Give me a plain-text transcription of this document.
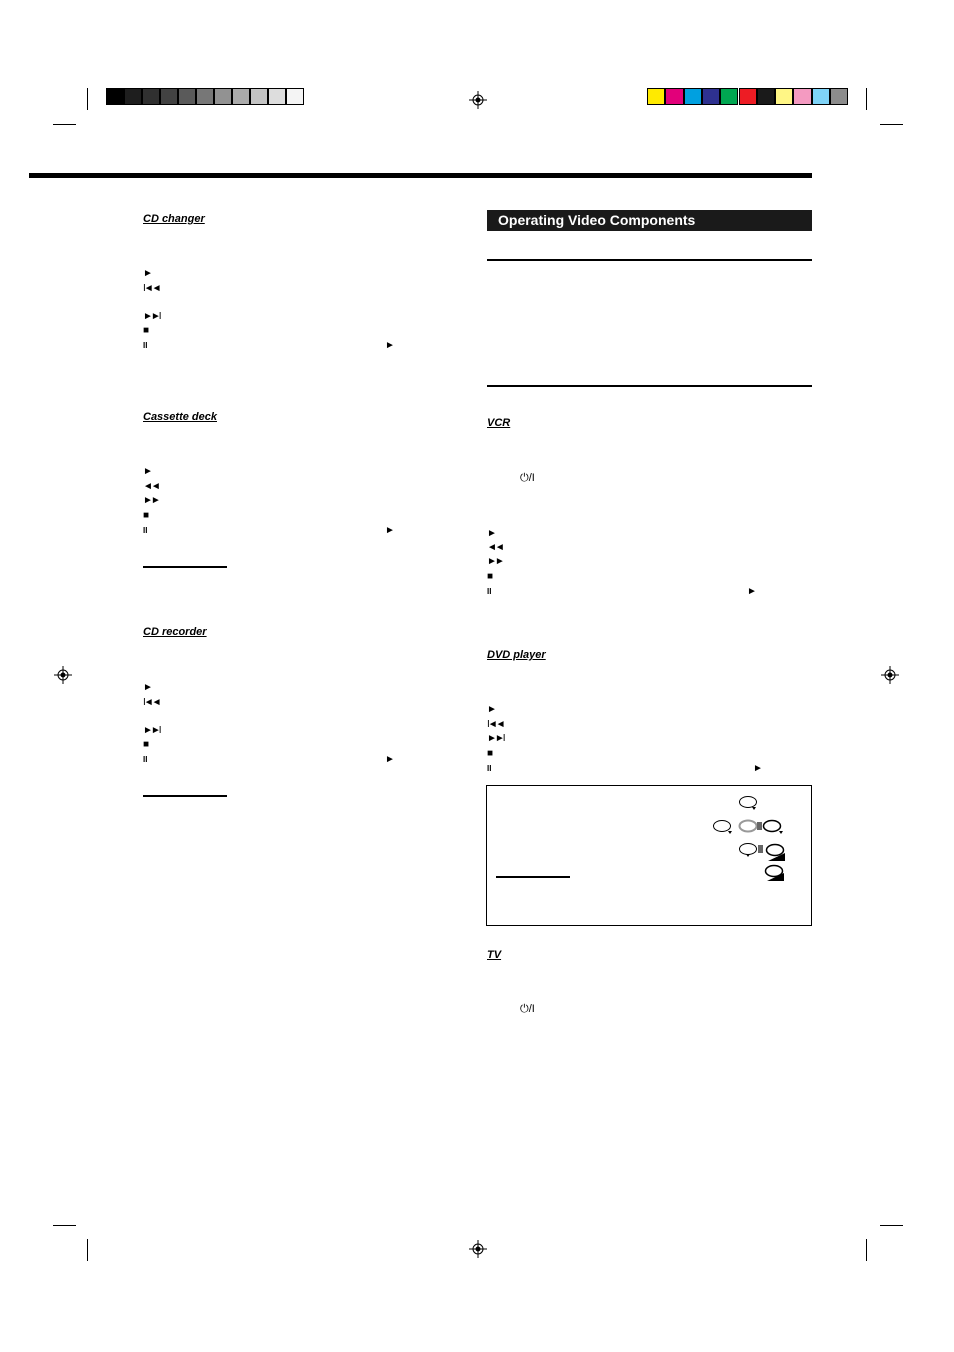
CD changer
►
I◄◄
►►I
■
II	►
Cassette deck
►
◄◄
►►
■
II	►
CD recorder
►
I◄◄
►►I
■
II	►
Operating Video Components
VCR
⏻/I
►
◄◄
►►
■
II	►
DVD player
►
I◄◄
►►I
■
II	►
TV
⏻/I
